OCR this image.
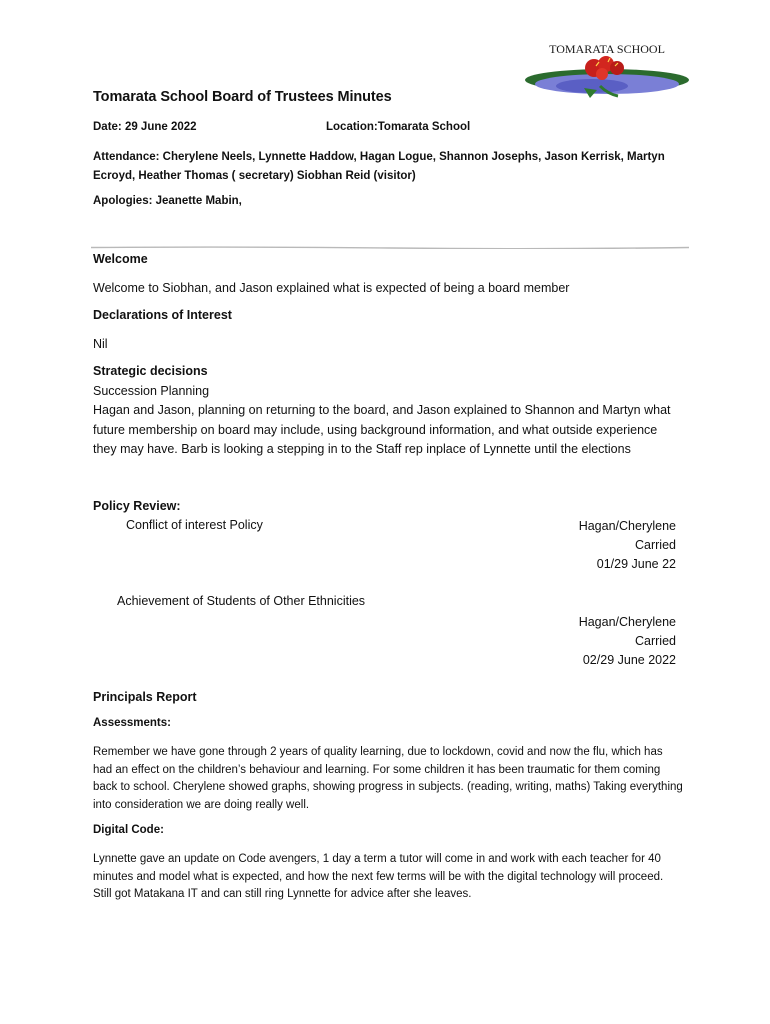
TOMARATA SCHOOL
Tomarata School Board of Trustees Minutes
Date: 29 June 2022	Location:Tomarata School
Attendance: Cherylene Neels, Lynnette Haddow, Hagan Logue, Shannon Josephs, Jason Kerrisk, Martyn Ecroyd, Heather Thomas ( secretary) Siobhan Reid (visitor)
Apologies: Jeanette Mabin,
Welcome
Welcome to Siobhan, and Jason explained what is expected of being a board member
Declarations of Interest
Nil
Strategic decisions
Succession Planning
Hagan and Jason, planning on returning to the board, and Jason explained to Shannon and Martyn what future membership on board may include, using background information, and what outside experience they may have. Barb is looking a stepping in to the Staff rep inplace of Lynnette until the elections
Policy Review:
Conflict of interest Policy	Hagan/Cherylene
Carried
01/29 June 22
Achievement of Students of Other Ethnicities
Hagan/Cherylene
Carried
02/29 June 2022
Principals Report
Assessments:
Remember we have gone through 2 years of quality learning, due to lockdown, covid and now the flu, which has had an effect on the children’s behaviour and learning. For some children it has been traumatic for them coming back to school. Cherylene showed graphs, showing progress in subjects. (reading, writing, maths) Taking everything into consideration we are doing really well.
Digital Code:
Lynnette gave an update on Code avengers, 1 day a term a tutor will come in and work with each teacher for 40 minutes and model what is expected, and how the next few terms will be with the digital technology will proceed. Still got Matakana IT and can still ring Lynnette for advice after she leaves.
